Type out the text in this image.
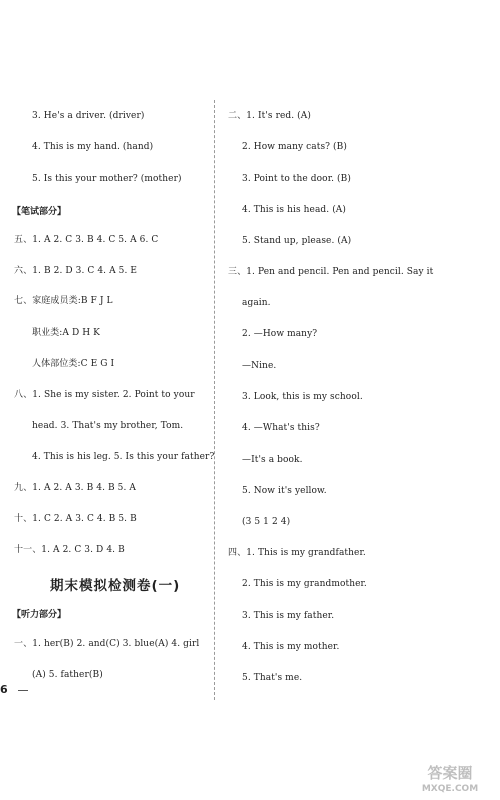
3. He's a driver. (driver)
4. This is my hand. (hand)
5. Is this your mother? (mother)
【笔试部分】
五、1. A 2. C 3. B 4. C 5. A 6. C
六、1. B 2. D 3. C 4. A 5. E
七、家庭成员类:B F J L
职业类:A D H K
人体部位类:C E G I
八、1. She is my sister. 2. Point to your
head. 3. That's my brother, Tom.
4. This is his leg. 5. Is this your father?
九、1. A 2. A 3. B 4. B 5. A
十、1. C 2. A 3. C 4. B 5. B
十一、1. A 2. C 3. D 4. B
期末模拟检测卷(一)
【听力部分】
一、1. her(B) 2. and(C) 3. blue(A) 4. girl
(A) 5. father(B)
6
二、1. It's red. (A)
2. How many cats? (B)
3. Point to the door. (B)
4. This is his head. (A)
5. Stand up, please. (A)
三、1. Pen and pencil. Pen and pencil. Say it
again.
2. —How many?
—Nine.
3. Look, this is my school.
4. —What's this?
—It's a book.
5. Now it's yellow.
(3 5 1 2 4)
四、1. This is my grandfather.
2. This is my grandmother.
3. This is my father.
4. This is my mother.
5. That's me.
答案圈
MXQE.COM
